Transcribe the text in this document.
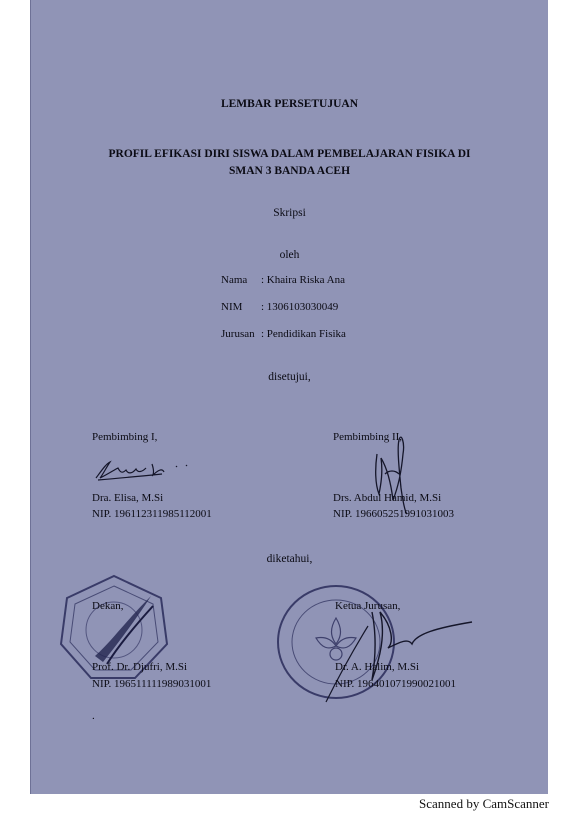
LEMBAR PERSETUJUAN
PROFIL EFIKASI DIRI SISWA DALAM PEMBELAJARAN FISIKA DI
SMAN 3 BANDA ACEH
Skripsi
oleh
Nama : Khaira Riska Ana
NIM : 1306103030049
Jurusan : Pendidikan Fisika
disetujui,
Pembimbing I,
Dra. Elisa, M.Si
NIP. 196112311985112001
Pembimbing II,
Drs. Abdul Hamid, M.Si
NIP. 196605251991031003
diketahui,
Dekan,
Prof. Dr. Djufri, M.Si
NIP. 196511111989031001
Ketua Jurusan,
Dr. A. Halim, M.Si
NIP. 196401071990021001
.
Scanned by CamScanner
